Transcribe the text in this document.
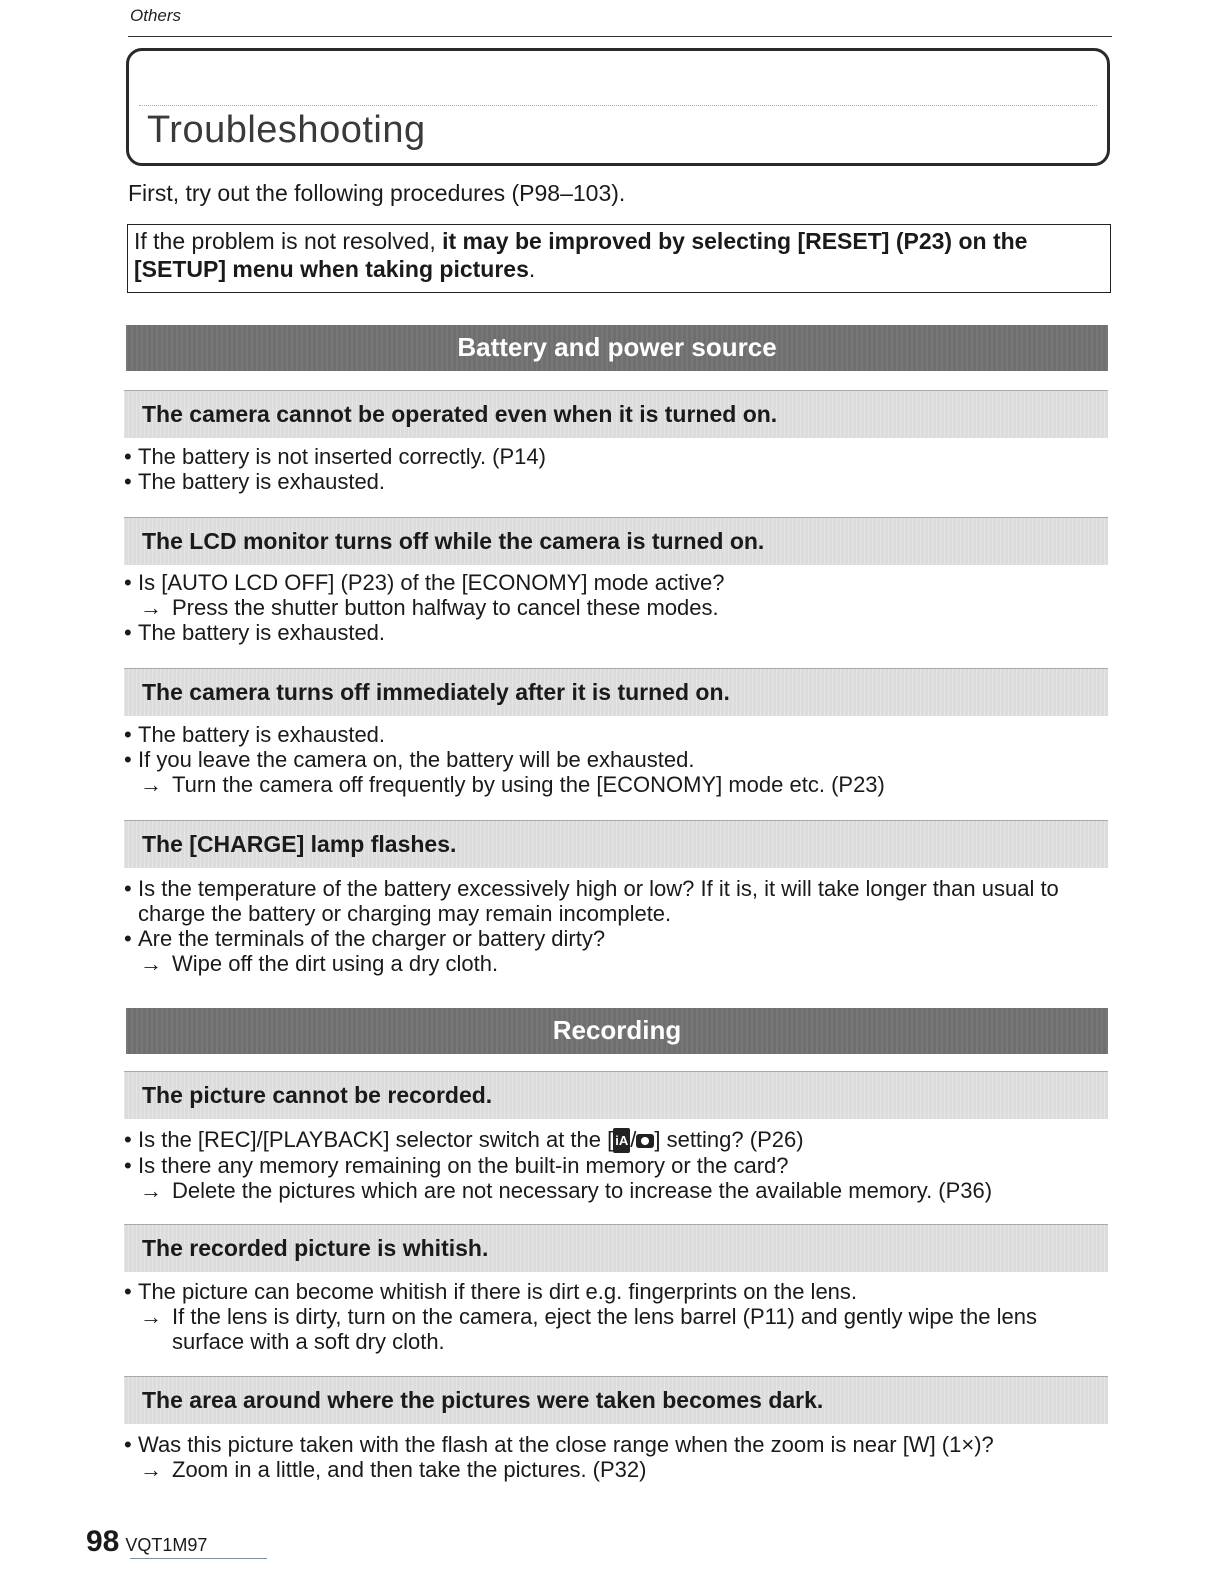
Others
Troubleshooting
First, try out the following procedures (P98–103).
If the problem is not resolved, it may be improved by selecting [RESET] (P23) on the [SETUP] menu when taking pictures.
Battery and power source
The camera cannot be operated even when it is turned on.
• The battery is not inserted correctly. (P14)
• The battery is exhausted.
The LCD monitor turns off while the camera is turned on.
• Is [AUTO LCD OFF] (P23) of the [ECONOMY] mode active?
→ Press the shutter button halfway to cancel these modes.
• The battery is exhausted.
The camera turns off immediately after it is turned on.
• The battery is exhausted.
• If you leave the camera on, the battery will be exhausted.
→ Turn the camera off frequently by using the [ECONOMY] mode etc. (P23)
The [CHARGE] lamp flashes.
• Is the temperature of the battery excessively high or low? If it is, it will take longer than usual to
charge the battery or charging may remain incomplete.
• Are the terminals of the charger or battery dirty?
→ Wipe off the dirt using a dry cloth.
Recording
The picture cannot be recorded.
• Is the [REC]/[PLAYBACK] selector switch at the [ iA/ ] setting? (P26)
• Is there any memory remaining on the built-in memory or the card?
→ Delete the pictures which are not necessary to increase the available memory. (P36)
The recorded picture is whitish.
• The picture can become whitish if there is dirt e.g. fingerprints on the lens.
→ If the lens is dirty, turn on the camera, eject the lens barrel (P11) and gently wipe the lens
surface with a soft dry cloth.
The area around where the pictures were taken becomes dark.
• Was this picture taken with the flash at the close range when the zoom is near [W] (1×)?
→ Zoom in a little, and then take the pictures. (P32)
98 VQT1M97
